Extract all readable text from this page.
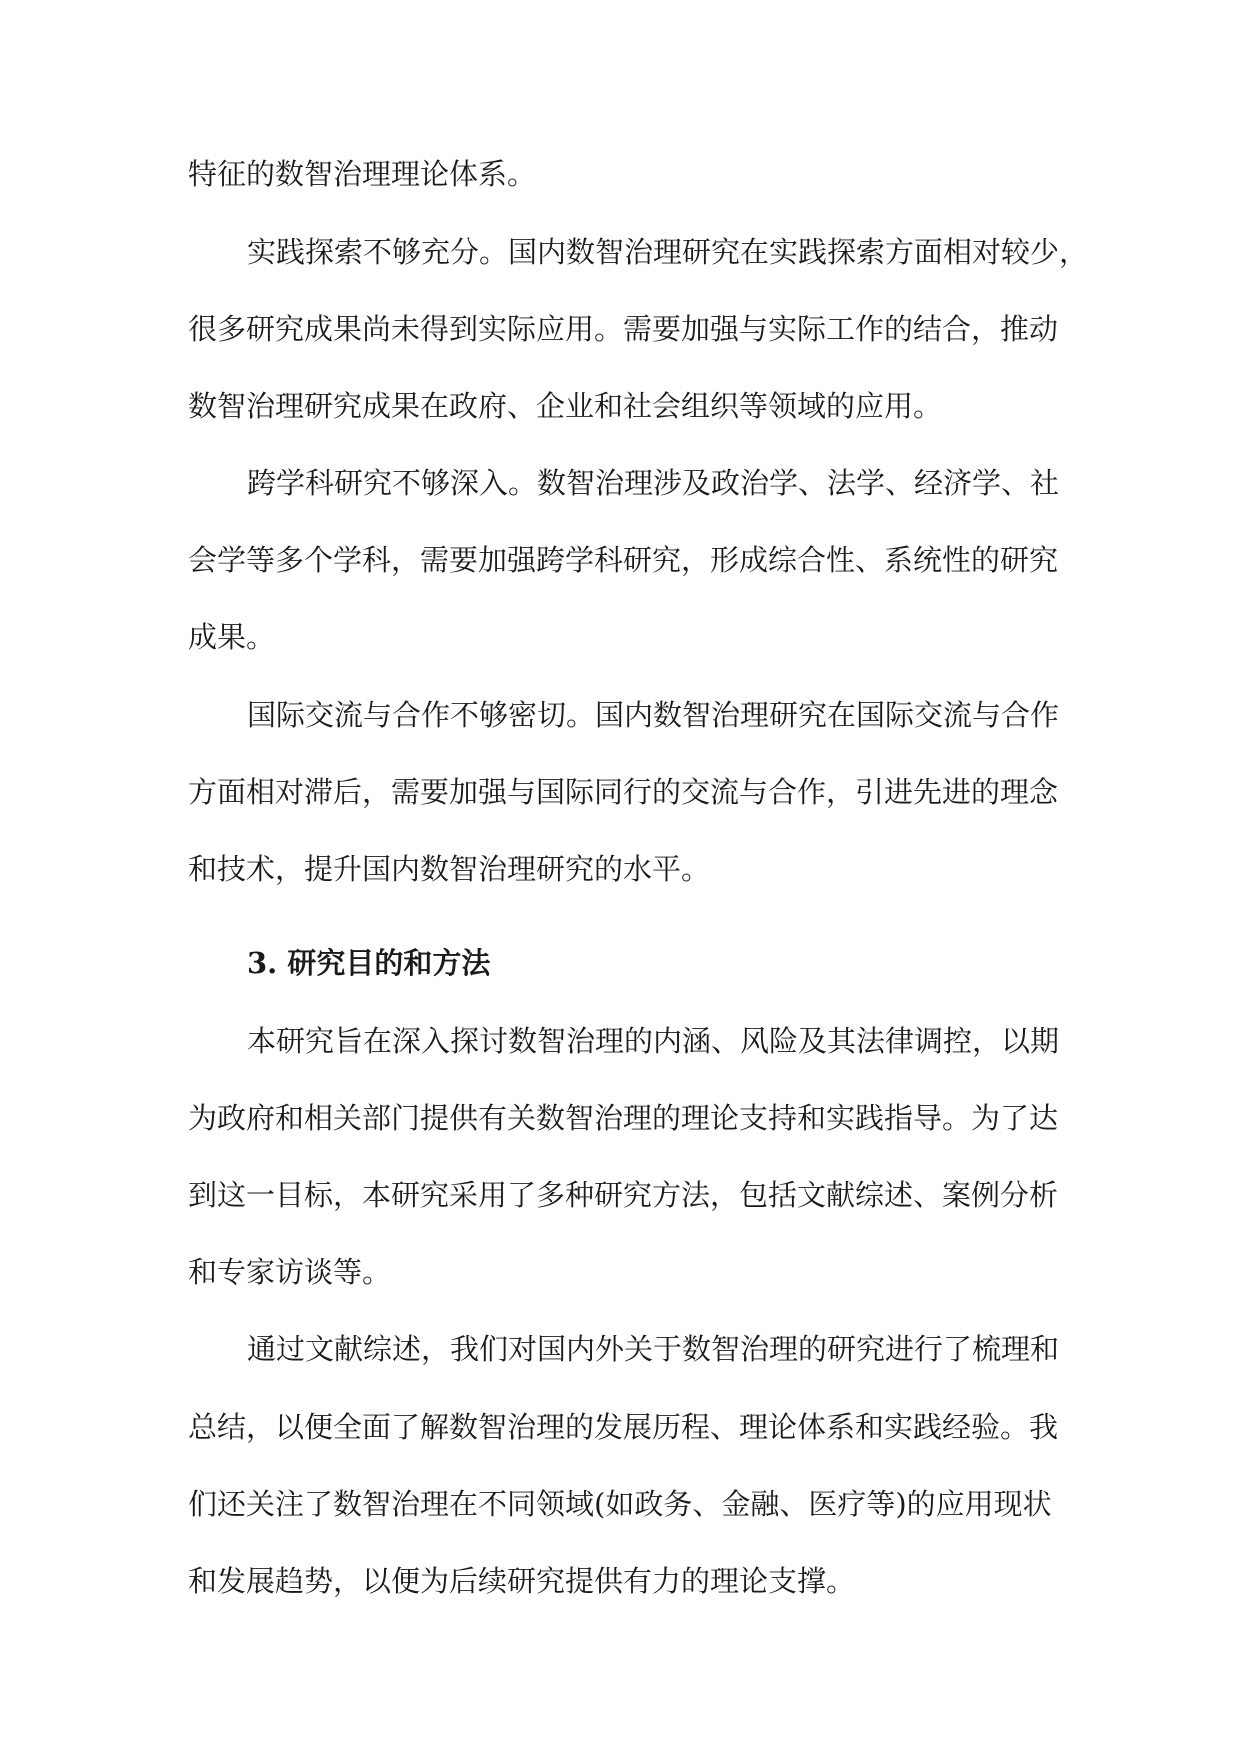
特征的数智治理理论体系。

实践探索不够充分。国内数智治理研究在实践探索方面相对较少，

很多研究成果尚未得到实际应用。需要加强与实际工作的结合，推动

数智治理研究成果在政府、企业和社会组织等领域的应用。

跨学科研究不够深入。数智治理涉及政治学、法学、经济学、社

会学等多个学科，需要加强跨学科研究，形成综合性、系统性的研究

成果。

国际交流与合作不够密切。国内数智治理研究在国际交流与合作

方面相对滞后，需要加强与国际同行的交流与合作，引进先进的理念

和技术，提升国内数智治理研究的水平。

3. 研究目的和方法

本研究旨在深入探讨数智治理的内涵、风险及其法律调控，以期

为政府和相关部门提供有关数智治理的理论支持和实践指导。为了达

到这一目标，本研究采用了多种研究方法，包括文献综述、案例分析

和专家访谈等。

通过文献综述，我们对国内外关于数智治理的研究进行了梳理和

总结，以便全面了解数智治理的发展历程、理论体系和实践经验。我

们还关注了数智治理在不同领域(如政务、金融、医疗等)的应用现状

和发展趋势，以便为后续研究提供有力的理论支撑。
